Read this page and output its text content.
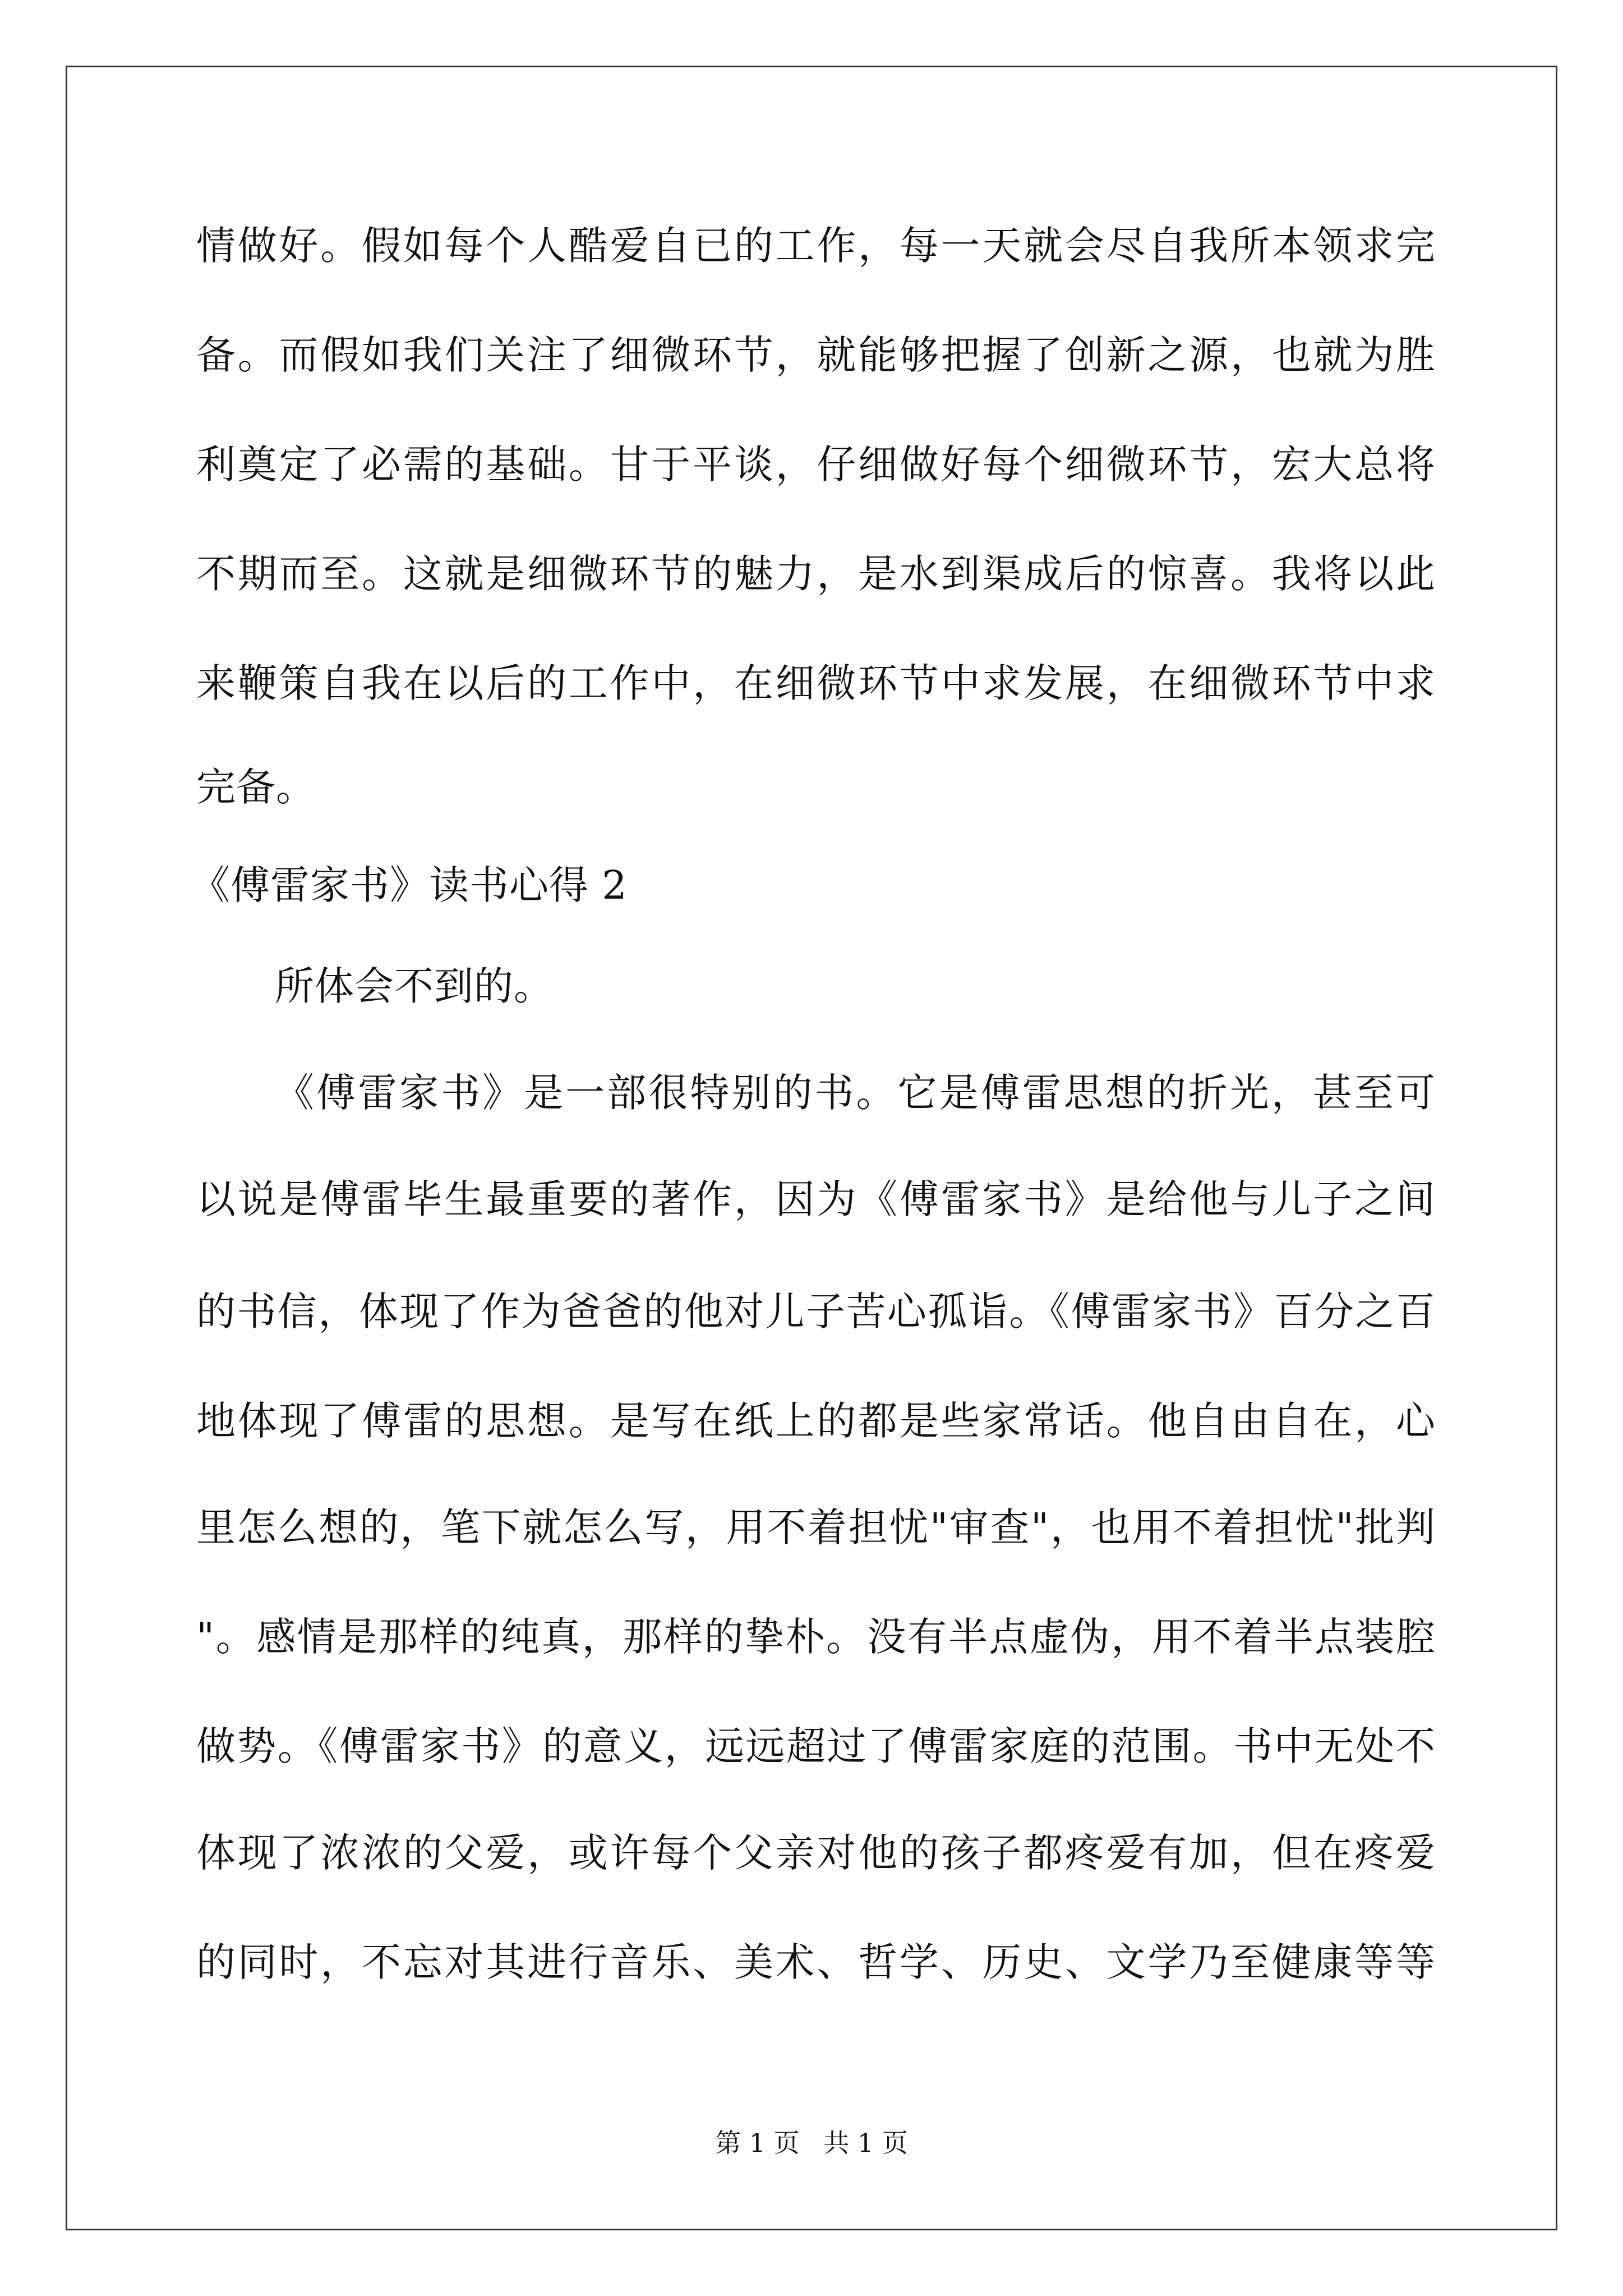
情做好。假如每个人酷爱自已的工作，每一天就会尽自我所本领求完
备。而假如我们关注了细微环节，就能够把握了创新之源，也就为胜
利奠定了必需的基础。甘于平谈，仔细做好每个细微环节，宏大总将
不期而至。这就是细微环节的魅力，是水到渠成后的惊喜。我将以此
来鞭策自我在以后的工作中，在细微环节中求发展，在细微环节中求
完备。
《傅雷家书》读书心得 2
所体会不到的。
《傅雷家书》是一部很特别的书。它是傅雷思想的折光，甚至可
以说是傅雷毕生最重要的著作，因为《傅雷家书》是给他与儿子之间
的书信，体现了作为爸爸的他对儿子苦心孤诣。《傅雷家书》百分之百
地体现了傅雷的思想。是写在纸上的都是些家常话。他自由自在，心
里怎么想的，笔下就怎么写，用不着担忧"审查"，也用不着担忧"批判
"。感情是那样的纯真，那样的挚朴。没有半点虚伪，用不着半点装腔
做势。《傅雷家书》的意义，远远超过了傅雷家庭的范围。书中无处不
体现了浓浓的父爱，或许每个父亲对他的孩子都疼爱有加，但在疼爱
的同时，不忘对其进行音乐、美术、哲学、历史、文学乃至健康等等
第 1 页 共 1 页
